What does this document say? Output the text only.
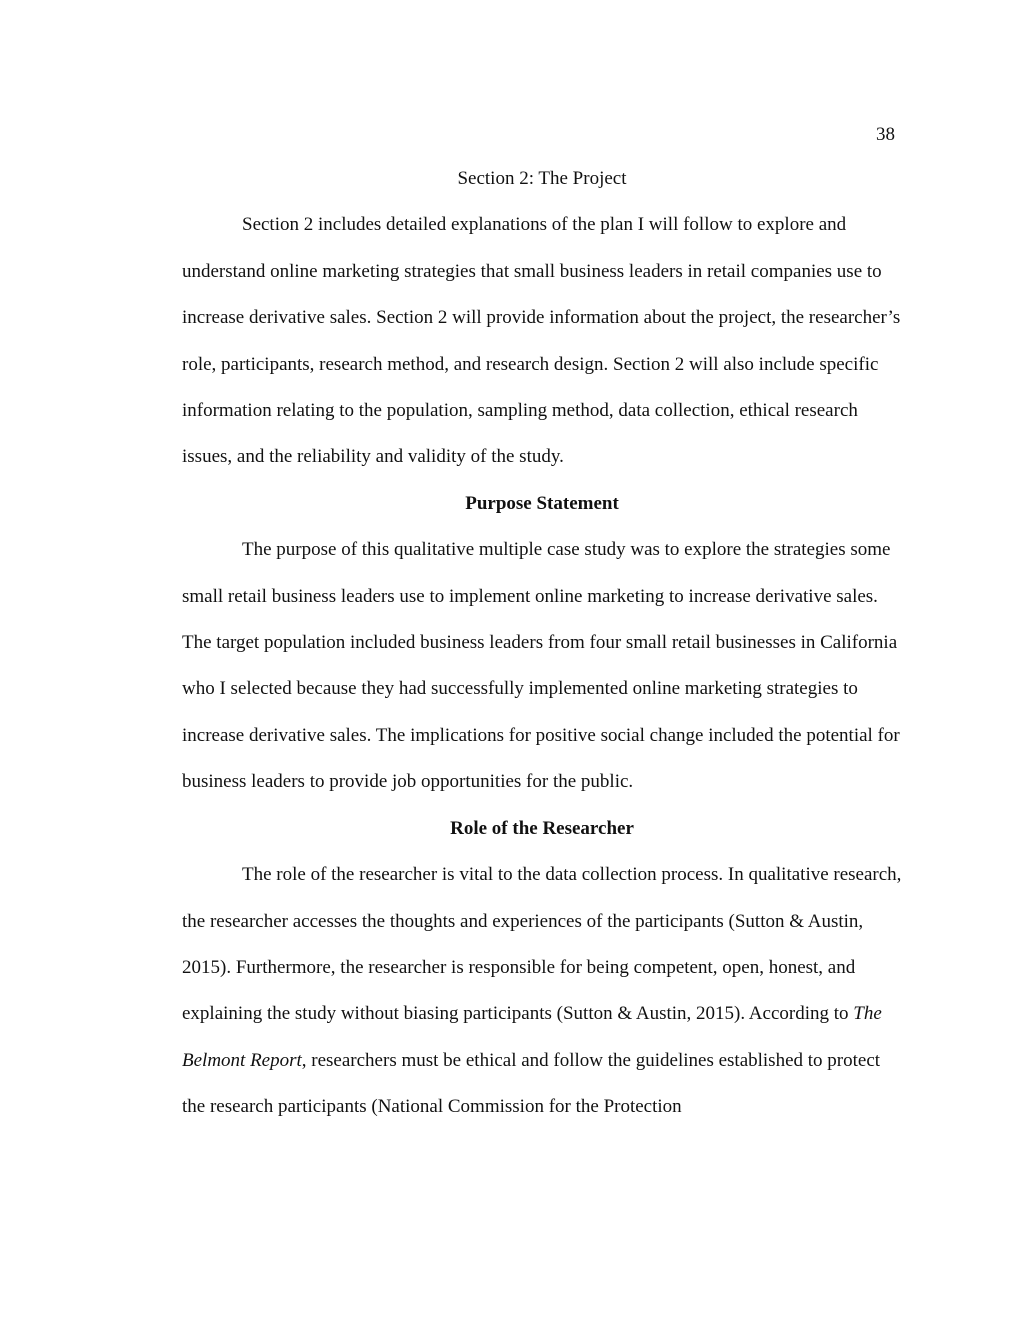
38

Section 2: The Project

Section 2 includes detailed explanations of the plan I will follow to explore and understand online marketing strategies that small business leaders in retail companies use to increase derivative sales. Section 2 will provide information about the project, the researcher’s role, participants, research method, and research design. Section 2 will also include specific information relating to the population, sampling method, data collection, ethical research issues, and the reliability and validity of the study.

Purpose Statement

The purpose of this qualitative multiple case study was to explore the strategies some small retail business leaders use to implement online marketing to increase derivative sales. The target population included business leaders from four small retail businesses in California who I selected because they had successfully implemented online marketing strategies to increase derivative sales. The implications for positive social change included the potential for business leaders to provide job opportunities for the public.

Role of the Researcher

The role of the researcher is vital to the data collection process. In qualitative research, the researcher accesses the thoughts and experiences of the participants (Sutton & Austin, 2015). Furthermore, the researcher is responsible for being competent, open, honest, and explaining the study without biasing participants (Sutton & Austin, 2015). According to The Belmont Report, researchers must be ethical and follow the guidelines established to protect the research participants (National Commission for the Protection
